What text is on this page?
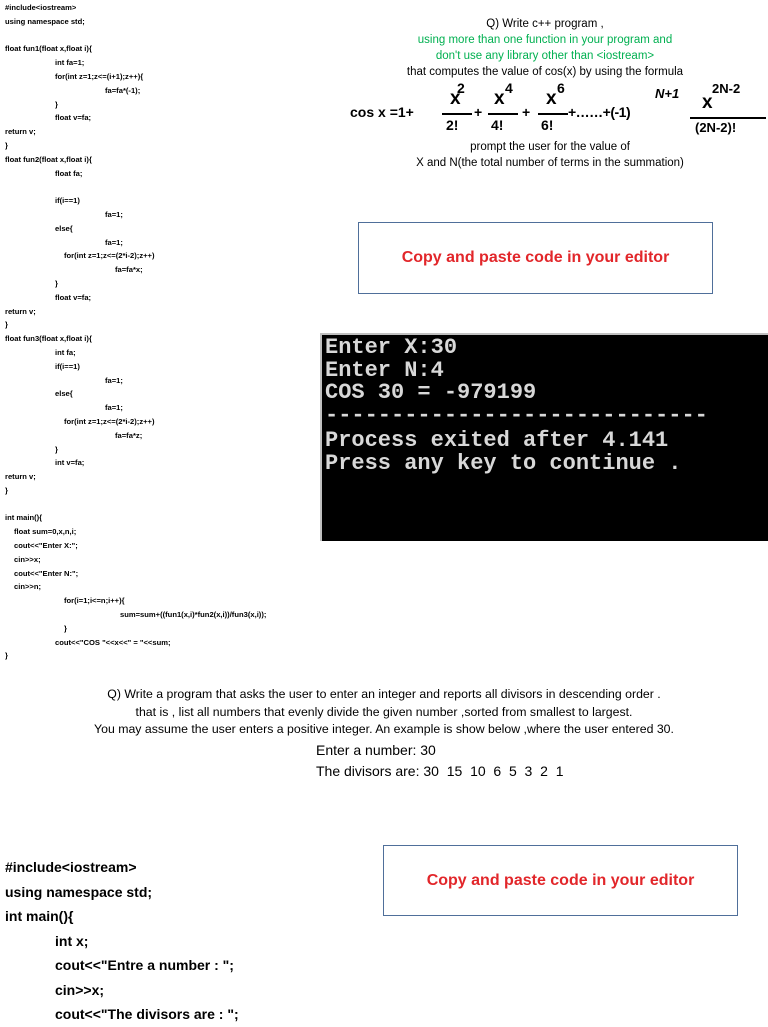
#include<iostream>
using namespace std;
float fun1(float x,float i){
int fa=1;
for(int z=1;z<=(i+1);z++){
fa=fa*(-1);
}
float v=fa;
return v;
}
float fun2(float x,float i){
float fa;
if(i==1)
fa=1;
else{
fa=1;
for(int z=1;z<=(2*i-2);z++)
fa=fa*x;
}
float v=fa;
return v;
}
float fun3(float x,float i){
int fa;
if(i==1)
fa=1;
else{
fa=1;
for(int z=1;z<=(2*i-2);z++)
fa=fa*z;
}
int v=fa;
return v;
}
int main(){
float sum=0,x,n,i;
cout<<"Enter X:";
cin>>x;
cout<<"Enter N:";
cin>>n;
for(i=1;i<=n;i++){
sum=sum+((fun1(x,i)*fun2(x,i))/fun3(x,i));
}
cout<<"COS "<<x<<" = "<<sum;
}
Q) Write c++ program ,
using more than one function in your program and
don't use any library other than <iostream>
that computes the value of cos(x) by using the formula
cos x =1+
x
2
2!
+
x 4
4!
+
x 6
6!
+……+(-1)
N+1 x
2N-2
(2N-2)!
prompt the user for the value of
X and N(the total number of terms in the summation)
Copy and paste code in your editor
Enter X:30
Enter N:4
COS 30 = -979199
-----------------------------
Process exited after 4.141
Press any key to continue .
Q) Write a program that asks the user to enter an integer and reports all divisors in descending order .
that is , list all numbers that evenly divide the given number ,sorted from smallest to largest.
You may assume the user enters a positive integer. An example is show below ,where the user entered 30.
Enter a number: 30
The divisors are: 30  15  10  6  5  3  2  1
Copy and paste code in your editor
#include<iostream>
using namespace std;
int main(){
int x;
cout<<"Entre a number : ";
cin>>x;
cout<<"The divisors are : ";
